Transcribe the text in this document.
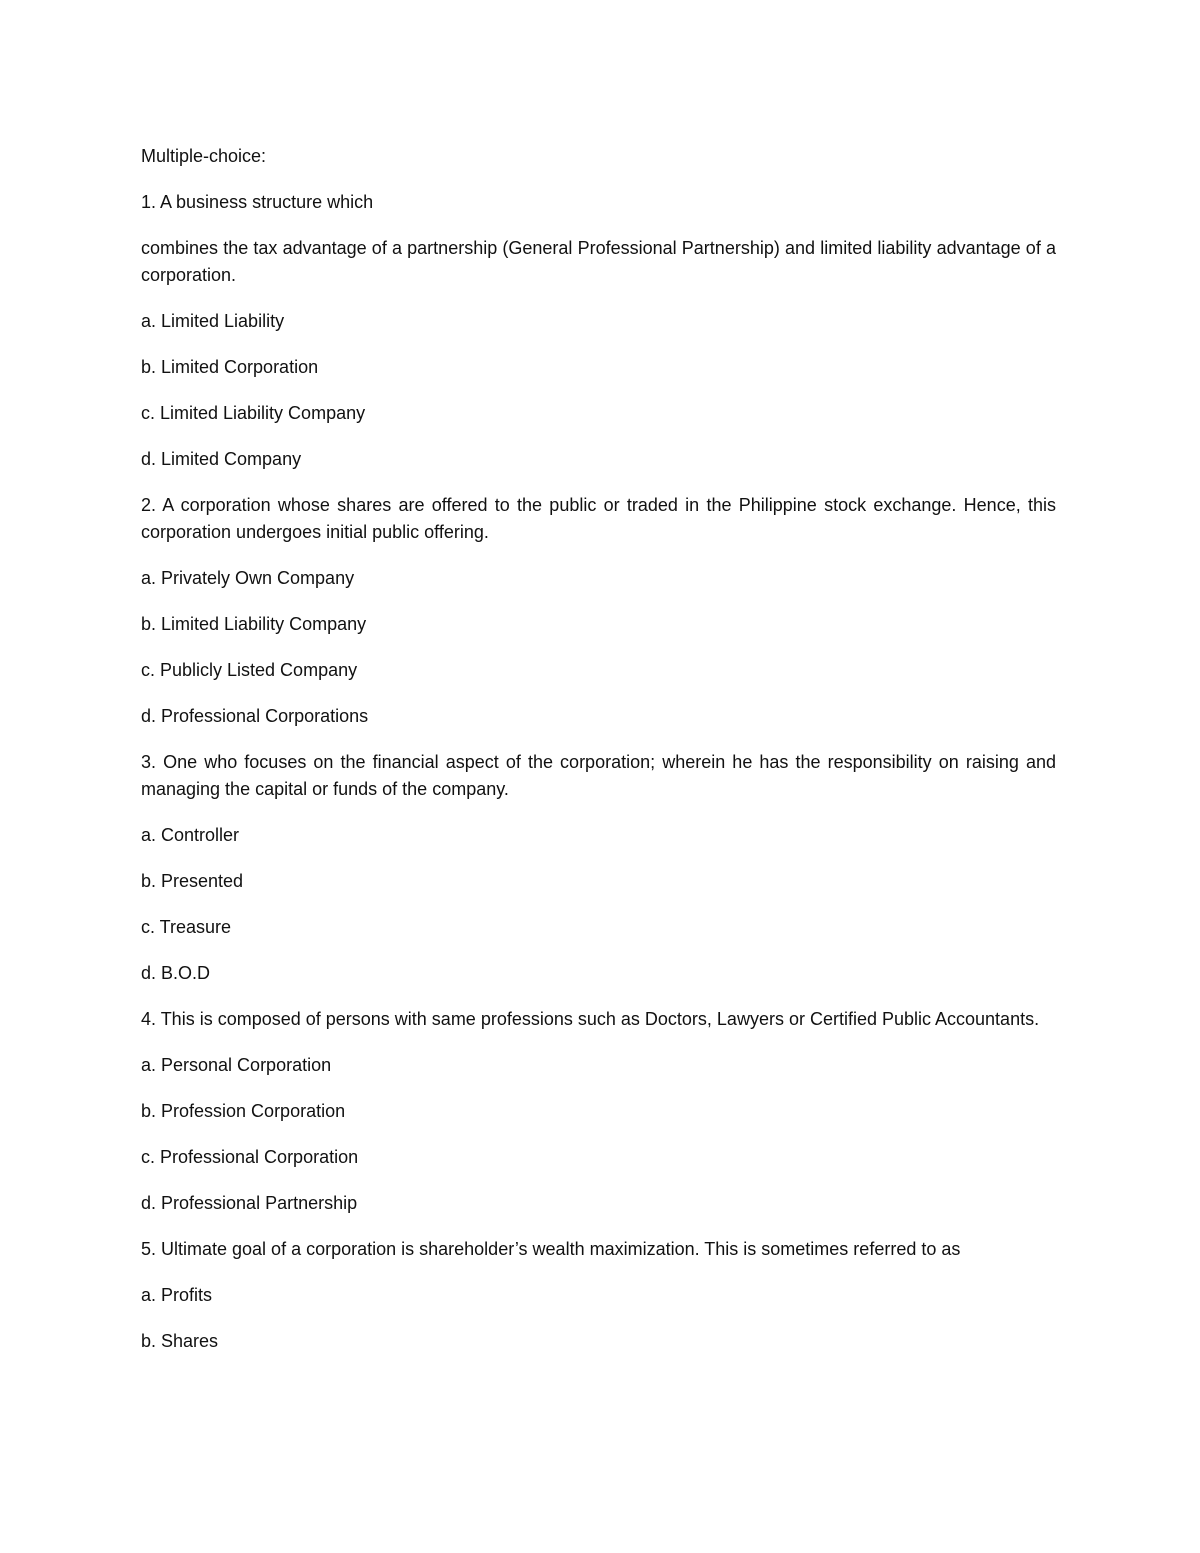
Multiple-choice:

1. A business structure which

combines the tax advantage of a partnership (General Professional Partnership) and limited liability advantage of a corporation.

a. Limited Liability

b. Limited Corporation

c. Limited Liability Company

d. Limited Company

2. A corporation whose shares are offered to the public or traded in the Philippine stock exchange. Hence, this corporation undergoes initial public offering.

a. Privately Own Company

b. Limited Liability Company

c. Publicly Listed Company

d. Professional Corporations

3. One who focuses on the financial aspect of the corporation; wherein he has the responsibility on raising and managing the capital or funds of the company.

a. Controller

b. Presented

c. Treasure

d. B.O.D

4. This is composed of persons with same professions such as Doctors, Lawyers or Certified Public Accountants.

a. Personal Corporation

b. Profession Corporation

c. Professional Corporation

d. Professional Partnership

5. Ultimate goal of a corporation is shareholder’s wealth maximization. This is sometimes referred to as

a. Profits

b. Shares
